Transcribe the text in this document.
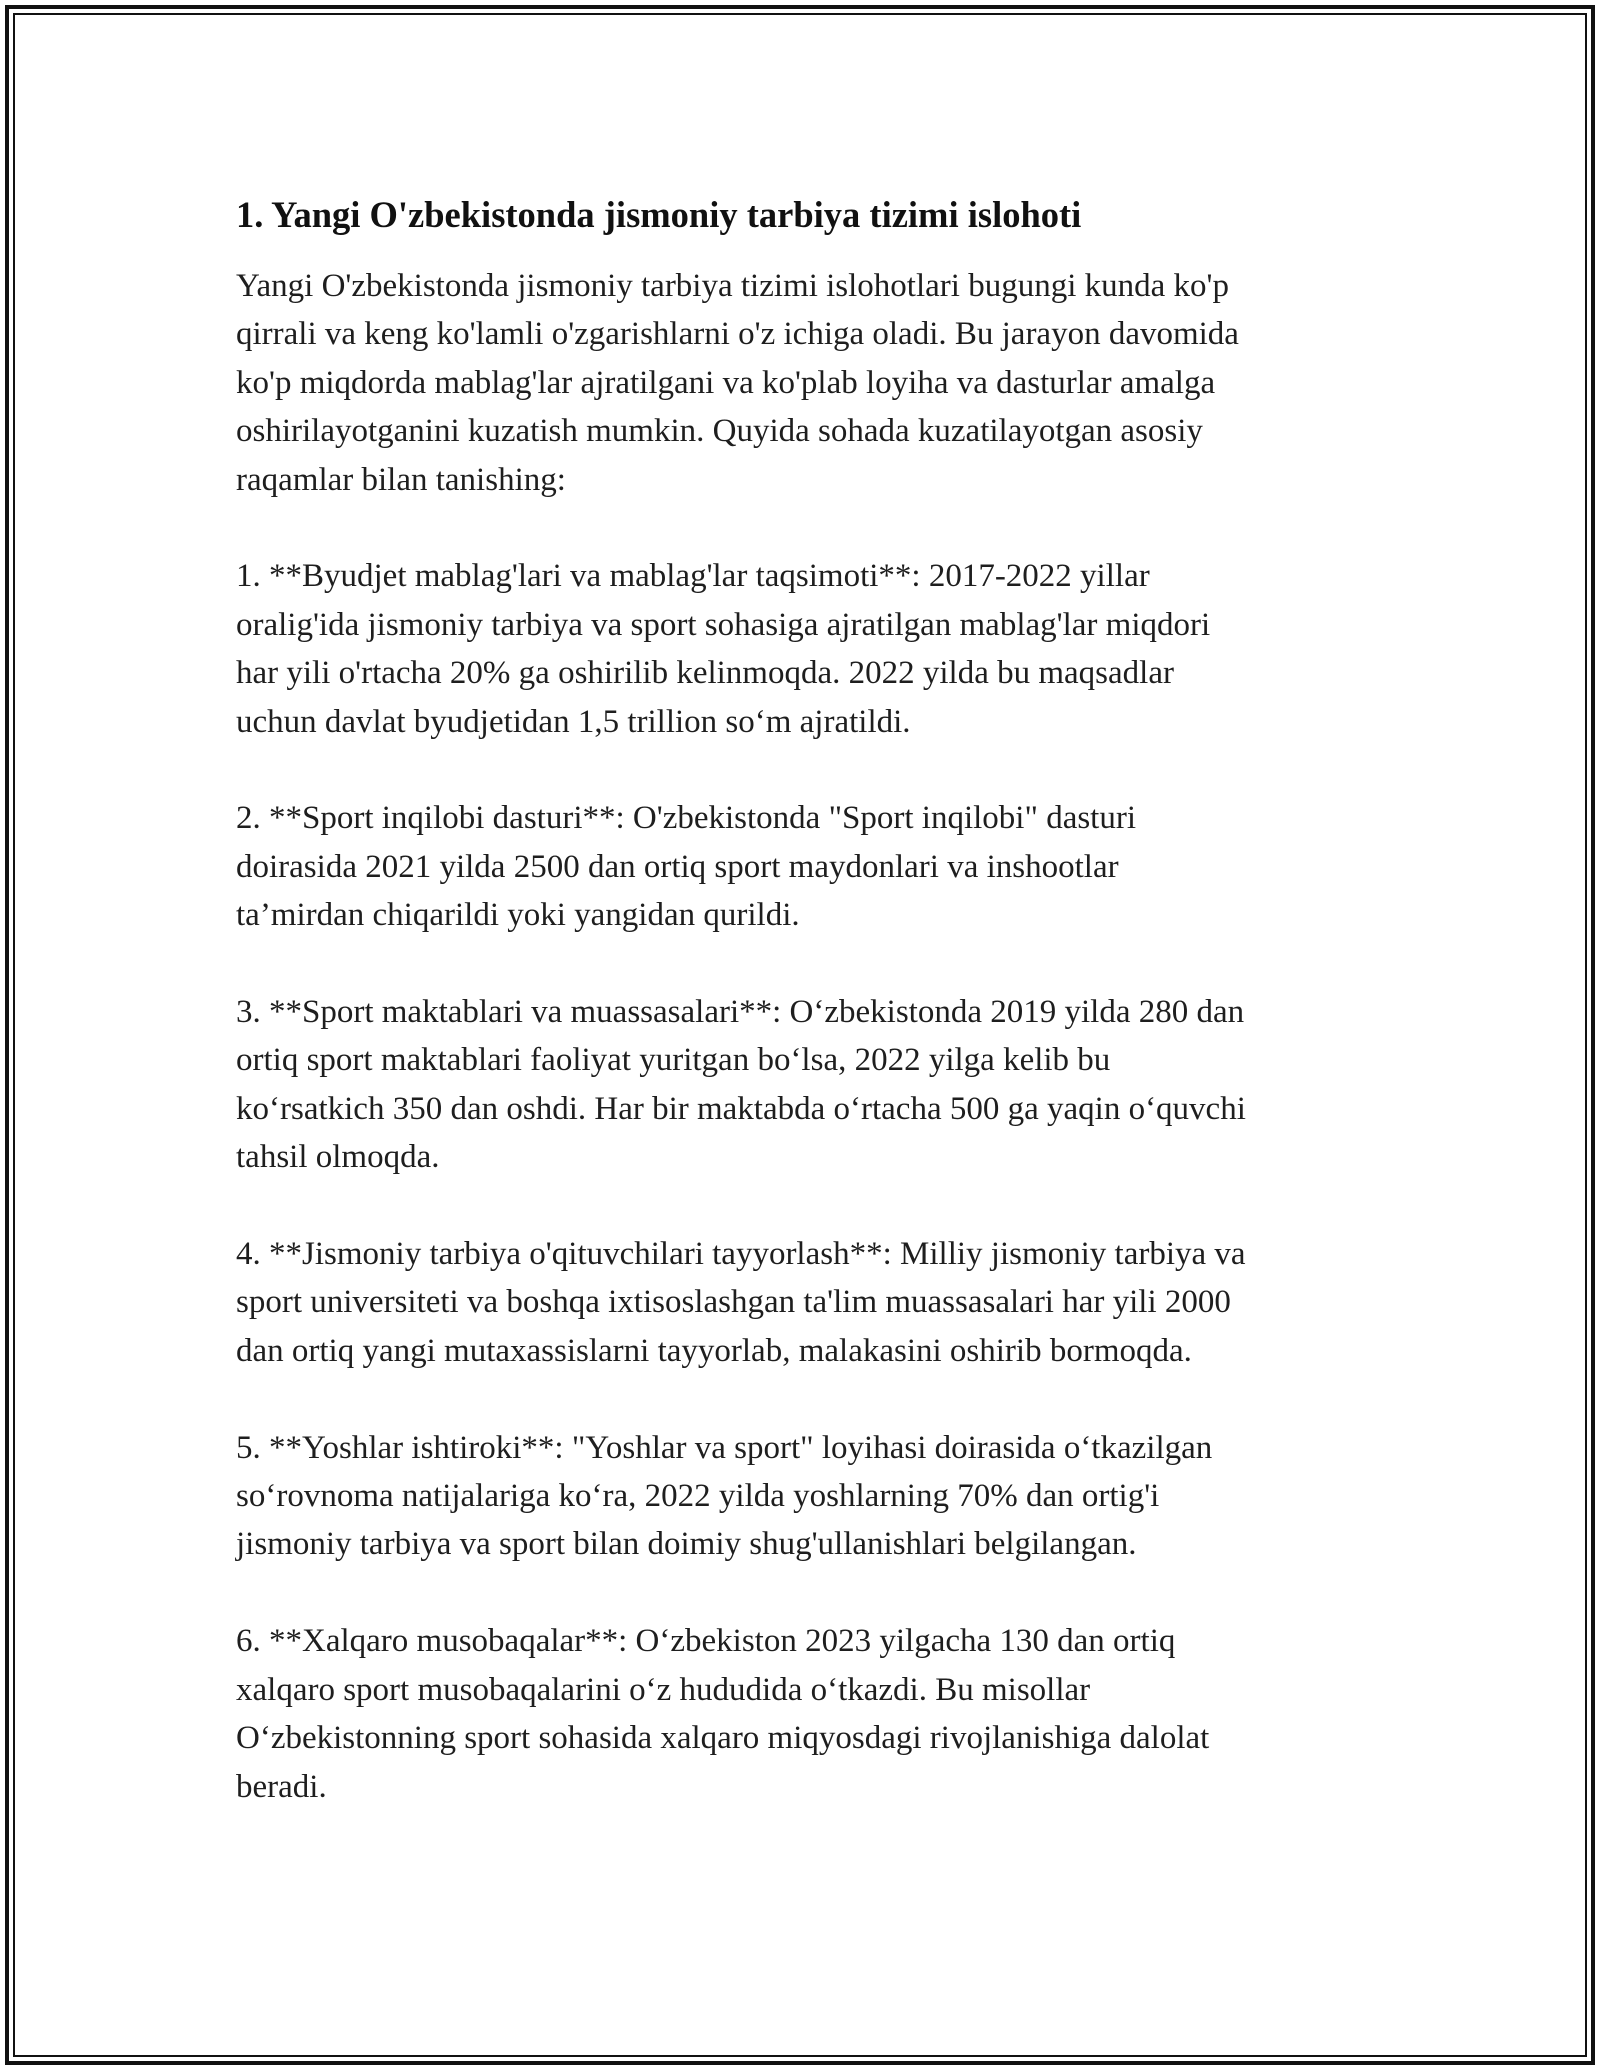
1. Yangi O'zbekistonda jismoniy tarbiya tizimi islohoti

Yangi O'zbekistonda jismoniy tarbiya tizimi islohotlari bugungi kunda ko'p
qirrali va keng ko'lamli o'zgarishlarni o'z ichiga oladi. Bu jarayon davomida
ko'p miqdorda mablag'lar ajratilgani va ko'plab loyiha va dasturlar amalga
oshirilayotganini kuzatish mumkin. Quyida sohada kuzatilayotgan asosiy
raqamlar bilan tanishing:

1. **Byudjet mablag'lari va mablag'lar taqsimoti**: 2017-2022 yillar
oralig'ida jismoniy tarbiya va sport sohasiga ajratilgan mablag'lar miqdori
har yili o'rtacha 20% ga oshirilib kelinmoqda. 2022 yilda bu maqsadlar
uchun davlat byudjetidan 1,5 trillion so‘m ajratildi.

2. **Sport inqilobi dasturi**: O'zbekistonda "Sport inqilobi" dasturi
doirasida 2021 yilda 2500 dan ortiq sport maydonlari va inshootlar
ta’mirdan chiqarildi yoki yangidan qurildi.

3. **Sport maktablari va muassasalari**: O‘zbekistonda 2019 yilda 280 dan
ortiq sport maktablari faoliyat yuritgan bo‘lsa, 2022 yilga kelib bu
ko‘rsatkich 350 dan oshdi. Har bir maktabda o‘rtacha 500 ga yaqin o‘quvchi
tahsil olmoqda.

4. **Jismoniy tarbiya o'qituvchilari tayyorlash**: Milliy jismoniy tarbiya va
sport universiteti va boshqa ixtisoslashgan ta'lim muassasalari har yili 2000
dan ortiq yangi mutaxassislarni tayyorlab, malakasini oshirib bormoqda.

5. **Yoshlar ishtiroki**: "Yoshlar va sport" loyihasi doirasida o‘tkazilgan
so‘rovnoma natijalariga ko‘ra, 2022 yilda yoshlarning 70% dan ortig'i
jismoniy tarbiya va sport bilan doimiy shug'ullanishlari belgilangan.

6. **Xalqaro musobaqalar**: O‘zbekiston 2023 yilgacha 130 dan ortiq
xalqaro sport musobaqalarini o‘z hududida o‘tkazdi. Bu misollar
O‘zbekistonning sport sohasida xalqaro miqyosdagi rivojlanishiga dalolat
beradi.
